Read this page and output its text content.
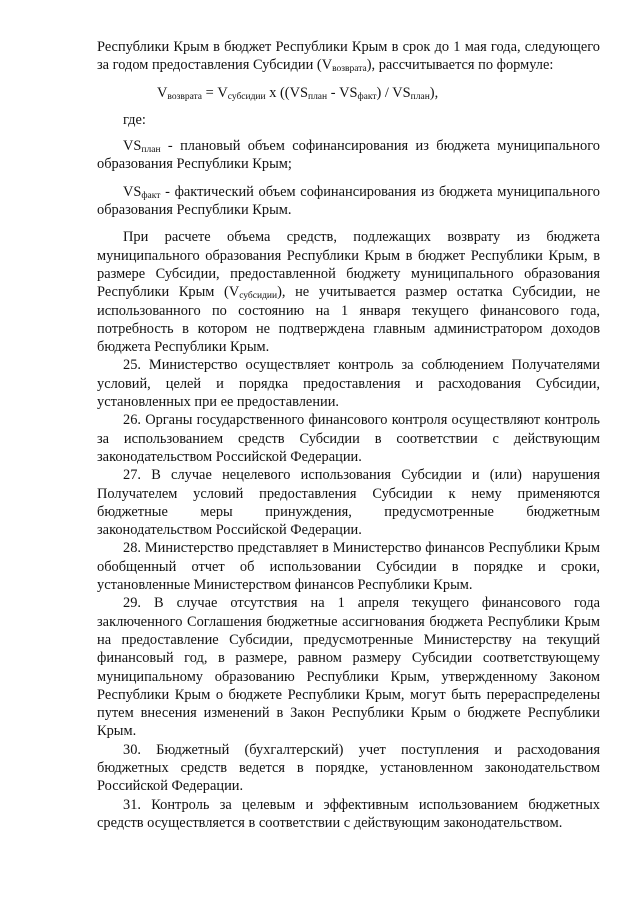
Республики Крым в бюджет Республики Крым в срок до 1 мая года, следующего за годом предоставления Субсидии $(V_{возврата})$, рассчитывается по формуле:

$V_{возврата} = V_{субсидии}$ x $((VS_{план} - VS_{факт}) / VS_{план})$,

где:

$VS_{план}$ - плановый объем софинансирования из бюджета муниципального образования Республики Крым;

$VS_{факт}$ - фактический объем софинансирования из бюджета муниципального образования Республики Крым.

При расчете объема средств, подлежащих возврату из бюджета муниципального образования Республики Крым в бюджет Республики Крым, в размере Субсидии, предоставленной бюджету муниципального образования Республики Крым $(V_{субсидии})$, не учитывается размер остатка Субсидии, не использованного по состоянию на 1 января текущего финансового года, потребность в котором не подтверждена главным администратором доходов бюджета Республики Крым.

25. Министерство осуществляет контроль за соблюдением Получателями условий, целей и порядка предоставления и расходования Субсидии, установленных при ее предоставлении.

26. Органы государственного финансового контроля осуществляют контроль за использованием средств Субсидии в соответствии с действующим законодательством Российской Федерации.

27. В случае нецелевого использования Субсидии и (или) нарушения Получателем условий предоставления Субсидии к нему применяются бюджетные меры принуждения, предусмотренные бюджетным законодательством Российской Федерации.

28. Министерство представляет в Министерство финансов Республики Крым обобщенный отчет об использовании Субсидии в порядке и сроки, установленные Министерством финансов Республики Крым.

29. В случае отсутствия на 1 апреля текущего финансового года заключенного Соглашения бюджетные ассигнования бюджета Республики Крым на предоставление Субсидии, предусмотренные Министерству на текущий финансовый год, в размере, равном размеру Субсидии соответствующему муниципальному образованию Республики Крым, утвержденному Законом Республики Крым о бюджете Республики Крым, могут быть перераспределены путем внесения изменений в Закон Республики Крым о бюджете Республики Крым.

30. Бюджетный (бухгалтерский) учет поступления и расходования бюджетных средств ведется в порядке, установленном законодательством Российской Федерации.

31. Контроль за целевым и эффективным использованием бюджетных средств осуществляется в соответствии с действующим законодательством.
